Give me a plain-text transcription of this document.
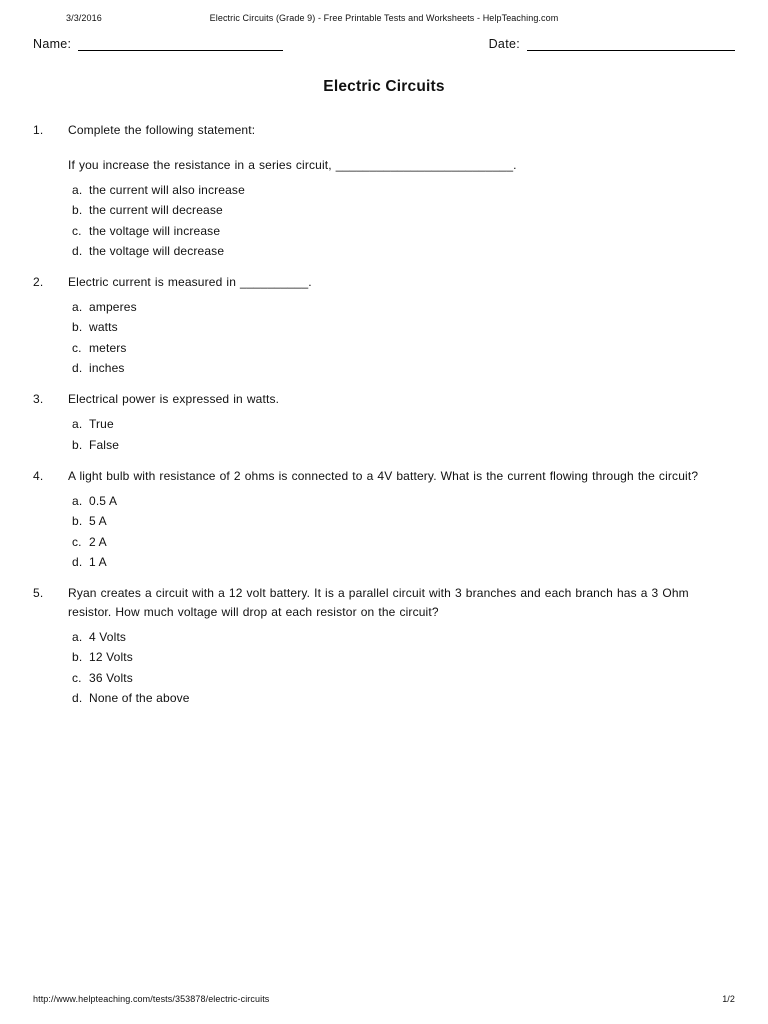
3/3/2016	Electric Circuits (Grade 9) - Free Printable Tests and Worksheets - HelpTeaching.com
Name:	Date:
Electric Circuits
1.	Complete the following statement:

If you increase the resistance in a series circuit, __________________________.

a. the current will also increase
b. the current will decrease
c. the voltage will increase
d. the voltage will decrease
2.	Electric current is measured in __________.

a. amperes
b. watts
c. meters
d. inches
3.	Electrical power is expressed in watts.

a. True
b. False
4.	A light bulb with resistance of 2 ohms is connected to a 4V battery. What is the current flowing through the circuit?

a. 0.5 A
b. 5 A
c. 2 A
d. 1 A
5.	Ryan creates a circuit with a 12 volt battery. It is a parallel circuit with 3 branches and each branch has a 3 Ohm resistor. How much voltage will drop at each resistor on the circuit?

a. 4 Volts
b. 12 Volts
c. 36 Volts
d. None of the above
http://www.helpteaching.com/tests/353878/electric-circuits	1/2
